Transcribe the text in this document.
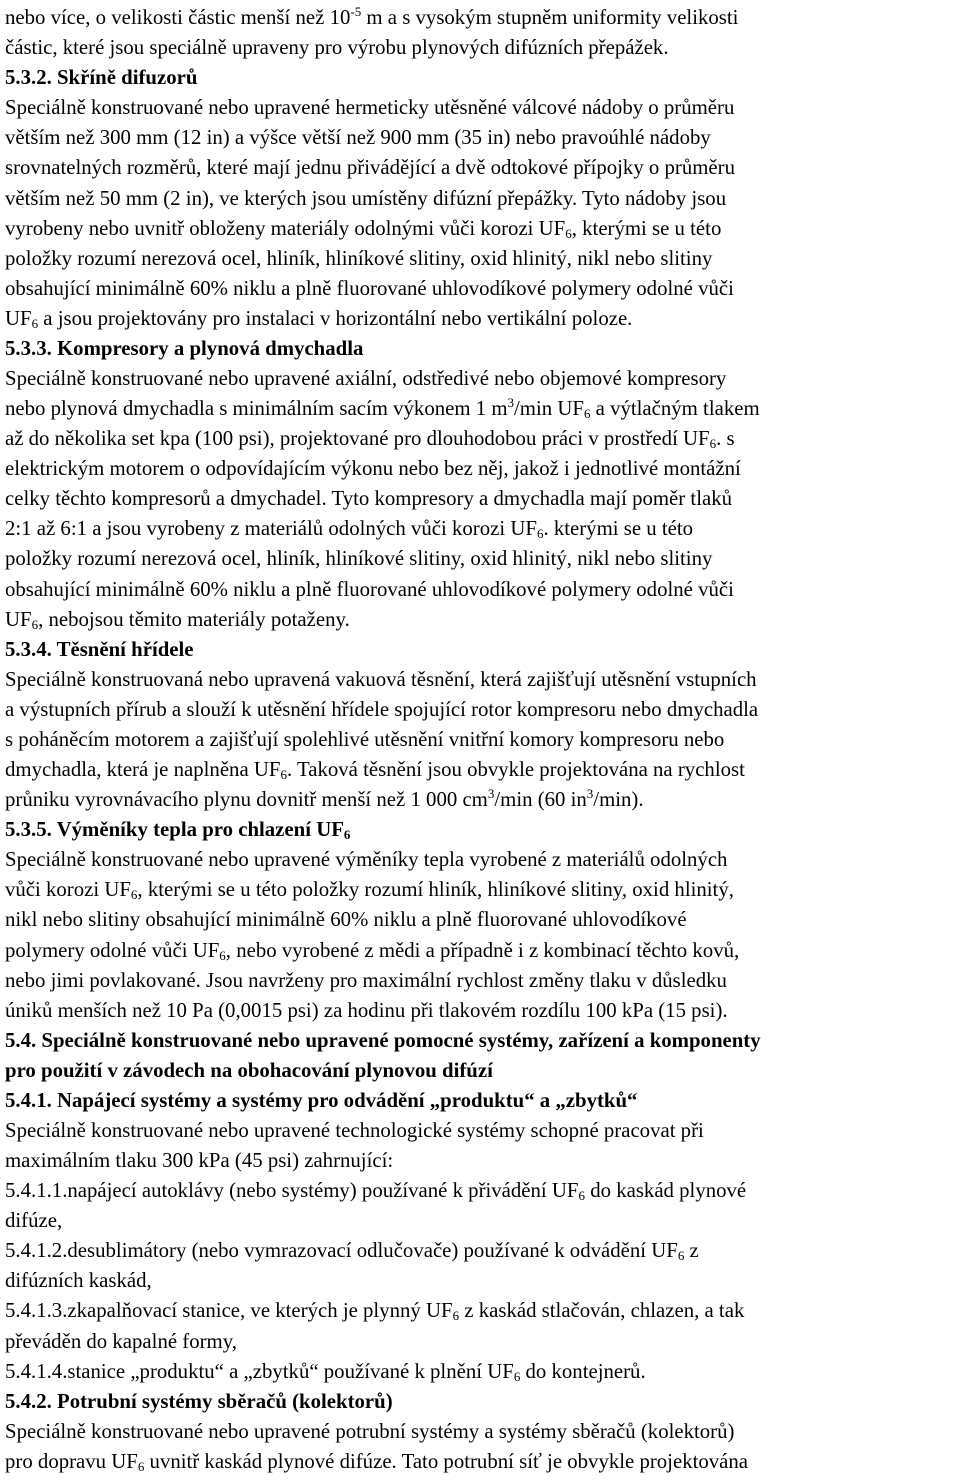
nebo více, o velikosti částic menší než $10^{-5}$ m a s vysokým stupněm uniformity velikosti
částic, které jsou speciálně upraveny pro výrobu plynových difúzních přepážek.
5.3.2. Skříně difuzorů
Speciálně konstruované nebo upravené hermeticky utěsněné válcové nádoby o průměru
větším než 300 mm (12 in) a výšce větší než 900 mm (35 in) nebo pravoúhlé nádoby
srovnatelných rozměrů, které mají jednu přivádějící a dvě odtokové přípojky o průměru
větším než 50 mm (2 in), ve kterých jsou umístěny difúzní přepážky. Tyto nádoby jsou
vyrobeny nebo uvnitř obloženy materiály odolnými vůči korozi $UF_6$, kterými se u této
položky rozumí nerezová ocel, hliník, hliníkové slitiny, oxid hlinitý, nikl nebo slitiny
obsahující minimálně 60% niklu a plně fluorované uhlovodíkové polymery odolné vůči
$UF_6$ a jsou projektovány pro instalaci v horizontální nebo vertikální poloze.
5.3.3. Kompresory a plynová dmychadla
Speciálně konstruované nebo upravené axiální, odstředivé nebo objemové kompresory
nebo plynová dmychadla s minimálním sacím výkonem 1 $m^3/\min$ $UF_6$ a výtlačným tlakem
až do několika set kpa (100 psi), projektované pro dlouhodobou práci v prostředí $UF_6$. s
elektrickým motorem o odpovídajícím výkonu nebo bez něj, jakož i jednotlivé montážní
celky těchto kompresorů a dmychadel. Tyto kompresory a dmychadla mají poměr tlaků
2:1 až 6:1 a jsou vyrobeny z materiálů odolných vůči korozi $UF_6$. kterými se u této
položky rozumí nerezová ocel, hliník, hliníkové slitiny, oxid hlinitý, nikl nebo slitiny
obsahující minimálně 60% niklu a plně fluorované uhlovodíkové polymery odolné vůči
$UF_6$, nebojsou těmito materiály potaženy.
5.3.4. Těsnění hřídele
Speciálně konstruovaná nebo upravená vakuová těsnění, která zajišťují utěsnění vstupních
a výstupních přírub a slouží k utěsnění hřídele spojující rotor kompresoru nebo dmychadla
s poháněcím motorem a zajišťují spolehlivé utěsnění vnitřní komory kompresoru nebo
dmychadla, která je naplněna $UF_6$. Taková těsnění jsou obvykle projektována na rychlost
průniku vyrovnávacího plynu dovnitř menší než 1 000 $cm^3/\min$ (60 $in^3/\min$).
5.3.5. Výměníky tepla pro chlazení $UF_6$
Speciálně konstruované nebo upravené výměníky tepla vyrobené z materiálů odolných
vůči korozi $UF_6$, kterými se u této položky rozumí hliník, hliníkové slitiny, oxid hlinitý,
nikl nebo slitiny obsahující minimálně 60% niklu a plně fluorované uhlovodíkové
polymery odolné vůči $UF_6$, nebo vyrobené z mědi a případně i z kombinací těchto kovů,
nebo jimi povlakované. Jsou navrženy pro maximální rychlost změny tlaku v důsledku
úniků menších než 10 Pa (0,0015 psi) za hodinu při tlakovém rozdílu 100 kPa (15 psi).
5.4. Speciálně konstruované nebo upravené pomocné systémy, zařízení a komponenty
pro použití v závodech na obohacování plynovou difúzí
5.4.1. Napájecí systémy a systémy pro odvádění „produktu“ a „zbytků“
Speciálně konstruované nebo upravené technologické systémy schopné pracovat při
maximálním tlaku 300 kPa (45 psi) zahrnující:
5.4.1.1.napájecí autoklávy (nebo systémy) používané k přivádění $UF_6$ do kaskád plynové
difúze,
5.4.1.2.desublimátory (nebo vymrazovací odlučovače) používané k odvádění $UF_6$ z
difúzních kaskád,
5.4.1.3.zkapalňovací stanice, ve kterých je plynný $UF_6$ z kaskád stlačován, chlazen, a tak
převáděn do kapalné formy,
5.4.1.4.stanice „produktu“ a „zbytků“ používané k plnění $UF_6$ do kontejnerů.
5.4.2. Potrubní systémy sběračů (kolektorů)
Speciálně konstruované nebo upravené potrubní systémy a systémy sběračů (kolektorů)
pro dopravu $UF_6$ uvnitř kaskád plynové difúze. Tato potrubní síť je obvykle projektována
